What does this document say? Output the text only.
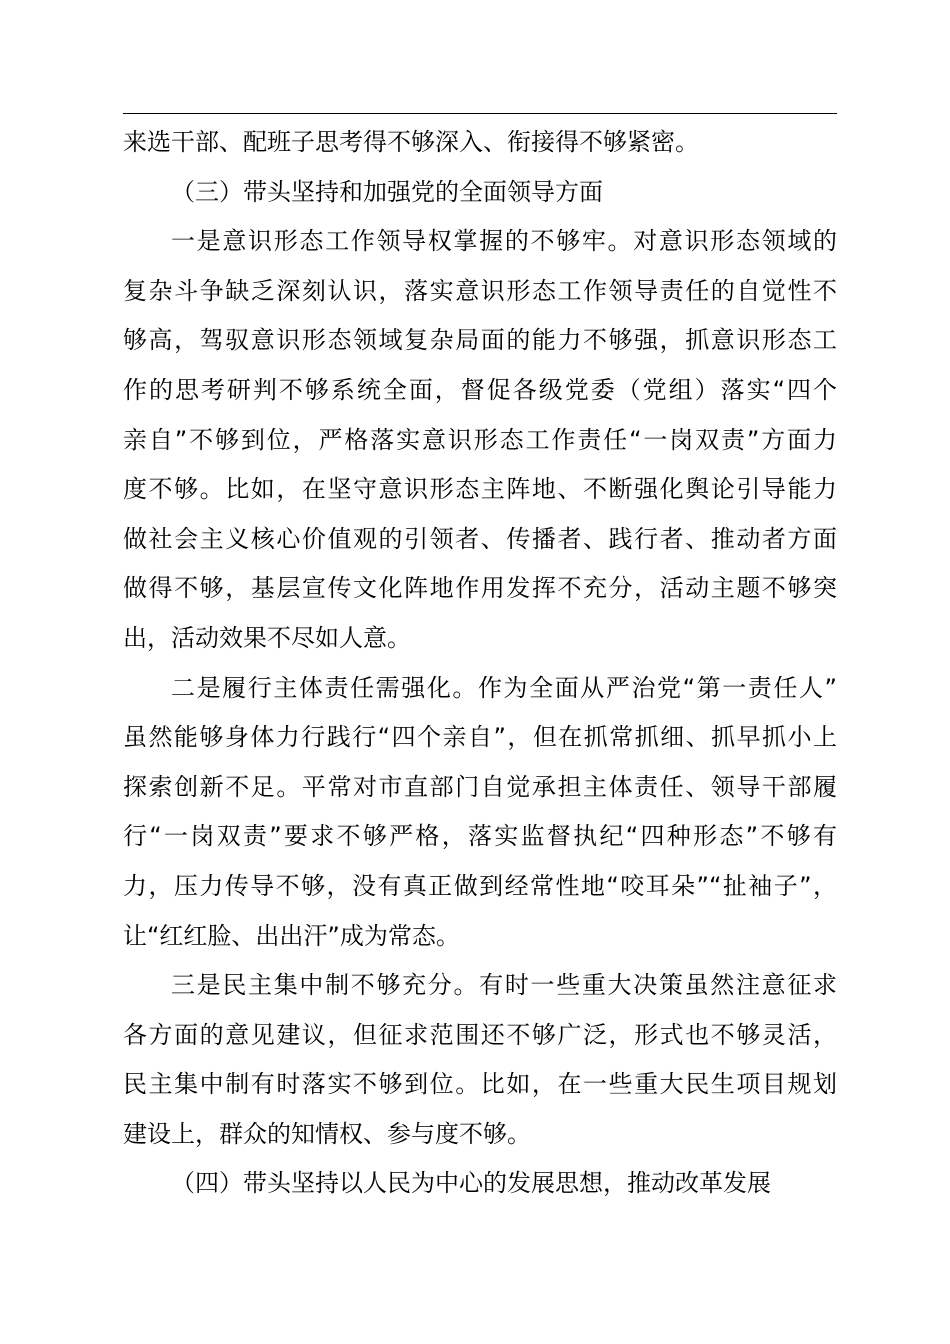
来选干部、配班子思考得不够深入、衔接得不够紧密。
（三）带头坚持和加强党的全面领导方面
一是意识形态工作领导权掌握的不够牢。对意识形态领域的
复杂斗争缺乏深刻认识，落实意识形态工作领导责任的自觉性不
够高，驾驭意识形态领域复杂局面的能力不够强，抓意识形态工
作的思考研判不够系统全面，督促各级党委（党组）落实“四个
亲自”不够到位，严格落实意识形态工作责任“一岗双责”方面力
度不够。比如，在坚守意识形态主阵地、不断强化舆论引导能力
做社会主义核心价值观的引领者、传播者、践行者、推动者方面
做得不够，基层宣传文化阵地作用发挥不充分，活动主题不够突
出，活动效果不尽如人意。
二是履行主体责任需强化。作为全面从严治党“第一责任人”
虽然能够身体力行践行“四个亲自”，但在抓常抓细、抓早抓小上
探索创新不足。平常对市直部门自觉承担主体责任、领导干部履
行“一岗双责”要求不够严格，落实监督执纪“四种形态”不够有
力，压力传导不够，没有真正做到经常性地“咬耳朵”“扯袖子”，
让“红红脸、出出汗”成为常态。
三是民主集中制不够充分。有时一些重大决策虽然注意征求
各方面的意见建议，但征求范围还不够广泛，形式也不够灵活，
民主集中制有时落实不够到位。比如，在一些重大民生项目规划
建设上，群众的知情权、参与度不够。
（四）带头坚持以人民为中心的发展思想，推动改革发展
